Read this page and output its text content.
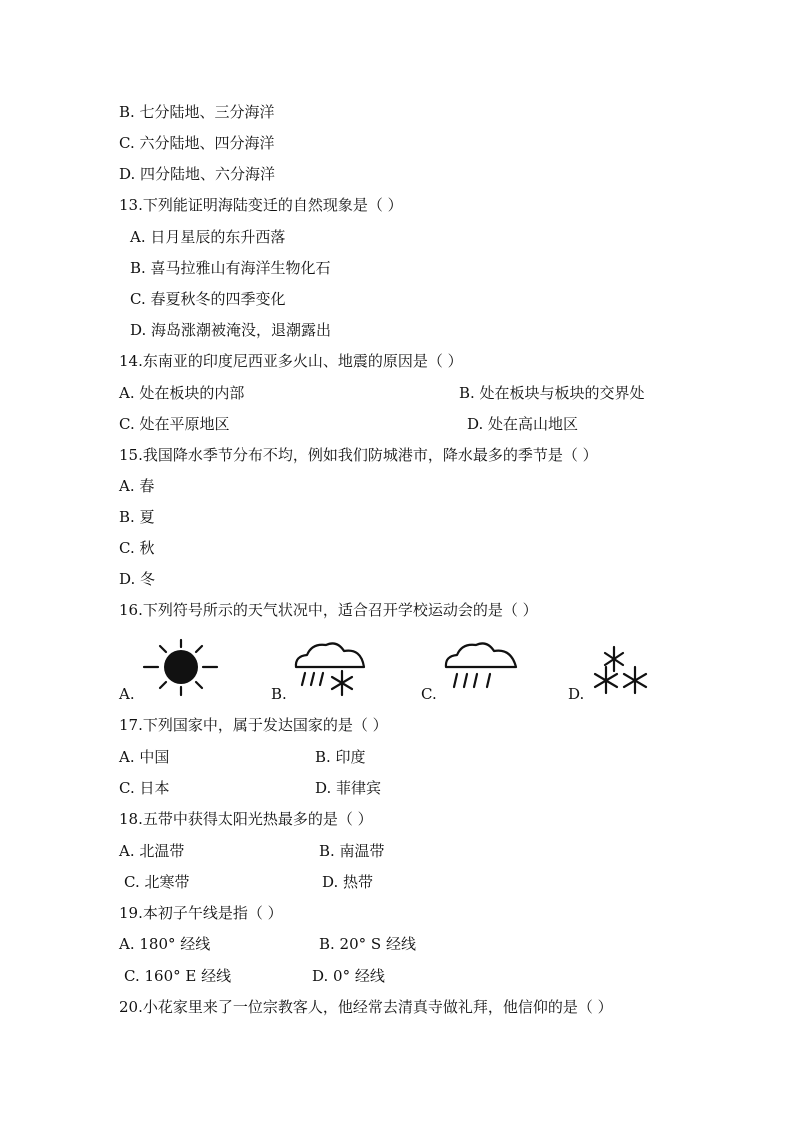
B. 七分陆地、三分海洋
C. 六分陆地、四分海洋
D. 四分陆地、六分海洋
13.下列能证明海陆变迁的自然现象是（ ）
A. 日月星辰的东升西落
B. 喜马拉雅山有海洋生物化石
C. 春夏秋冬的四季变化
D. 海岛涨潮被淹没，退潮露出
14.东南亚的印度尼西亚多火山、地震的原因是（ ）
A. 处在板块的内部	B. 处在板块与板块的交界处
C. 处在平原地区	D. 处在高山地区
15.我国降水季节分布不均，例如我们防城港市，降水最多的季节是（ ）
A. 春
B. 夏
C. 秋
D. 冬
16.下列符号所示的天气状况中，适合召开学校运动会的是（ ）
A.	B.	C.	D.
17.下列国家中，属于发达国家的是（ ）
A. 中国	B. 印度
C. 日本	D. 菲律宾
18.五带中获得太阳光热最多的是（ ）
A. 北温带	B. 南温带
C. 北寒带	D. 热带
19.本初子午线是指（ ）
A. 180° 经线	B. 20° S 经线
C. 160° E 经线	D. 0° 经线
20.小花家里来了一位宗教客人，他经常去清真寺做礼拜，他信仰的是（ ）
